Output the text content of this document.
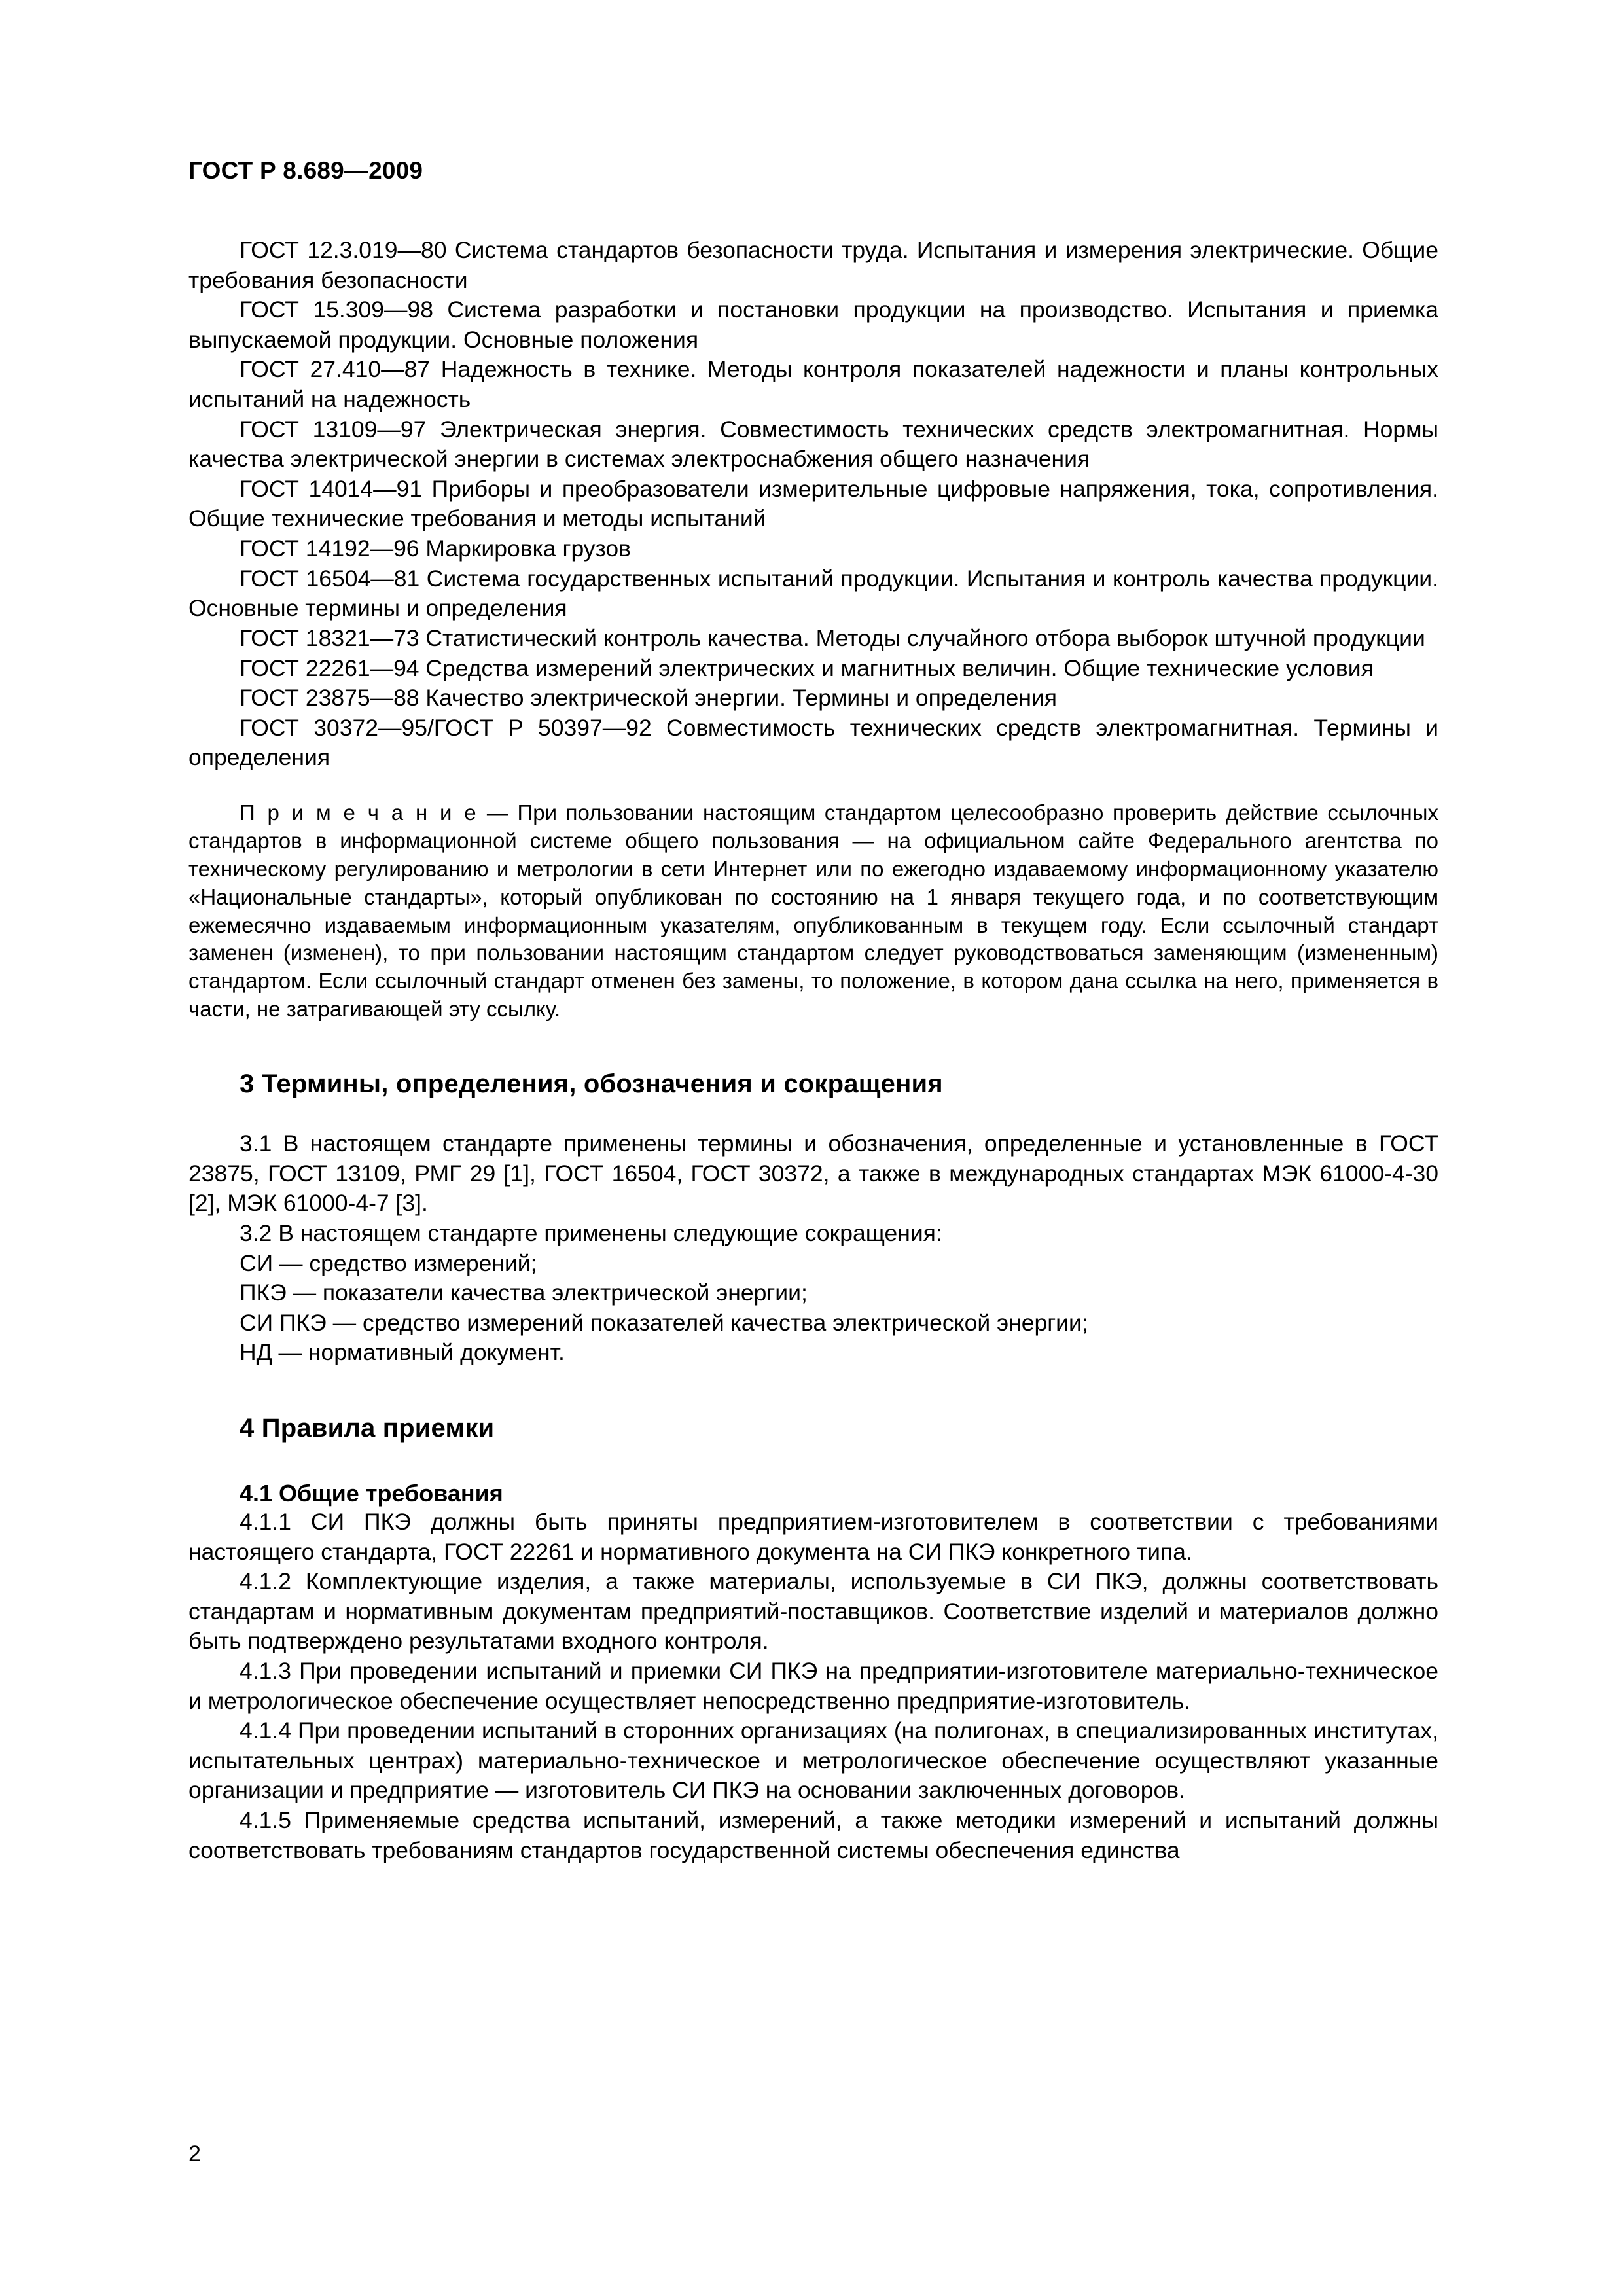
ГОСТ Р 8.689—2009

ГОСТ 12.3.019—80 Система стандартов безопасности труда. Испытания и измерения электрические. Общие требования безопасности

ГОСТ 15.309—98 Система разработки и постановки продукции на производство. Испытания и приемка выпускаемой продукции. Основные положения

ГОСТ 27.410—87 Надежность в технике. Методы контроля показателей надежности и планы контрольных испытаний на надежность

ГОСТ 13109—97 Электрическая энергия. Совместимость технических средств электромагнитная. Нормы качества электрической энергии в системах электроснабжения общего назначения

ГОСТ 14014—91 Приборы и преобразователи измерительные цифровые напряжения, тока, сопротивления. Общие технические требования и методы испытаний

ГОСТ 14192—96 Маркировка грузов

ГОСТ 16504—81 Система государственных испытаний продукции. Испытания и контроль качества продукции. Основные термины и определения

ГОСТ 18321—73 Статистический контроль качества. Методы случайного отбора выборок штучной продукции

ГОСТ 22261—94 Средства измерений электрических и магнитных величин. Общие технические условия

ГОСТ 23875—88 Качество электрической энергии. Термины и определения

ГОСТ 30372—95/ГОСТ Р 50397—92 Совместимость технических средств электромагнитная. Термины и определения

П р и м е ч а н и е — При пользовании настоящим стандартом целесообразно проверить действие ссылочных стандартов в информационной системе общего пользования — на официальном сайте Федерального агентства по техническому регулированию и метрологии в сети Интернет или по ежегодно издаваемому информационному указателю «Национальные стандарты», который опубликован по состоянию на 1 января текущего года, и по соответствующим ежемесячно издаваемым информационным указателям, опубликованным в текущем году. Если ссылочный стандарт заменен (изменен), то при пользовании настоящим стандартом следует руководствоваться заменяющим (измененным) стандартом. Если ссылочный стандарт отменен без замены, то положение, в котором дана ссылка на него, применяется в части, не затрагивающей эту ссылку.
3 Термины, определения, обозначения и сокращения

3.1 В настоящем стандарте применены термины и обозначения, определенные и установленные в ГОСТ 23875, ГОСТ 13109, РМГ 29 [1], ГОСТ 16504, ГОСТ 30372, а также в международных стандартах МЭК 61000-4-30 [2], МЭК 61000-4-7 [3].

3.2 В настоящем стандарте применены следующие сокращения:

СИ — средство измерений;

ПКЭ — показатели качества электрической энергии;

СИ ПКЭ — средство измерений показателей качества электрической энергии;

НД — нормативный документ.

4 Правила приемки
4.1 Общие требования

4.1.1 СИ ПКЭ должны быть приняты предприятием-изготовителем в соответствии с требованиями настоящего стандарта, ГОСТ 22261 и нормативного документа на СИ ПКЭ конкретного типа.

4.1.2 Комплектующие изделия, а также материалы, используемые в СИ ПКЭ, должны соответствовать стандартам и нормативным документам предприятий-поставщиков. Соответствие изделий и материалов должно быть подтверждено результатами входного контроля.

4.1.3 При проведении испытаний и приемки СИ ПКЭ на предприятии-изготовителе материально-техническое и метрологическое обеспечение осуществляет непосредственно предприятие-изготовитель.

4.1.4 При проведении испытаний в сторонних организациях (на полигонах, в специализированных институтах, испытательных центрах) материально-техническое и метрологическое обеспечение осуществляют указанные организации и предприятие — изготовитель СИ ПКЭ на основании заключенных договоров.

4.1.5 Применяемые средства испытаний, измерений, а также методики измерений и испытаний должны соответствовать требованиям стандартов государственной системы обеспечения единства

2
